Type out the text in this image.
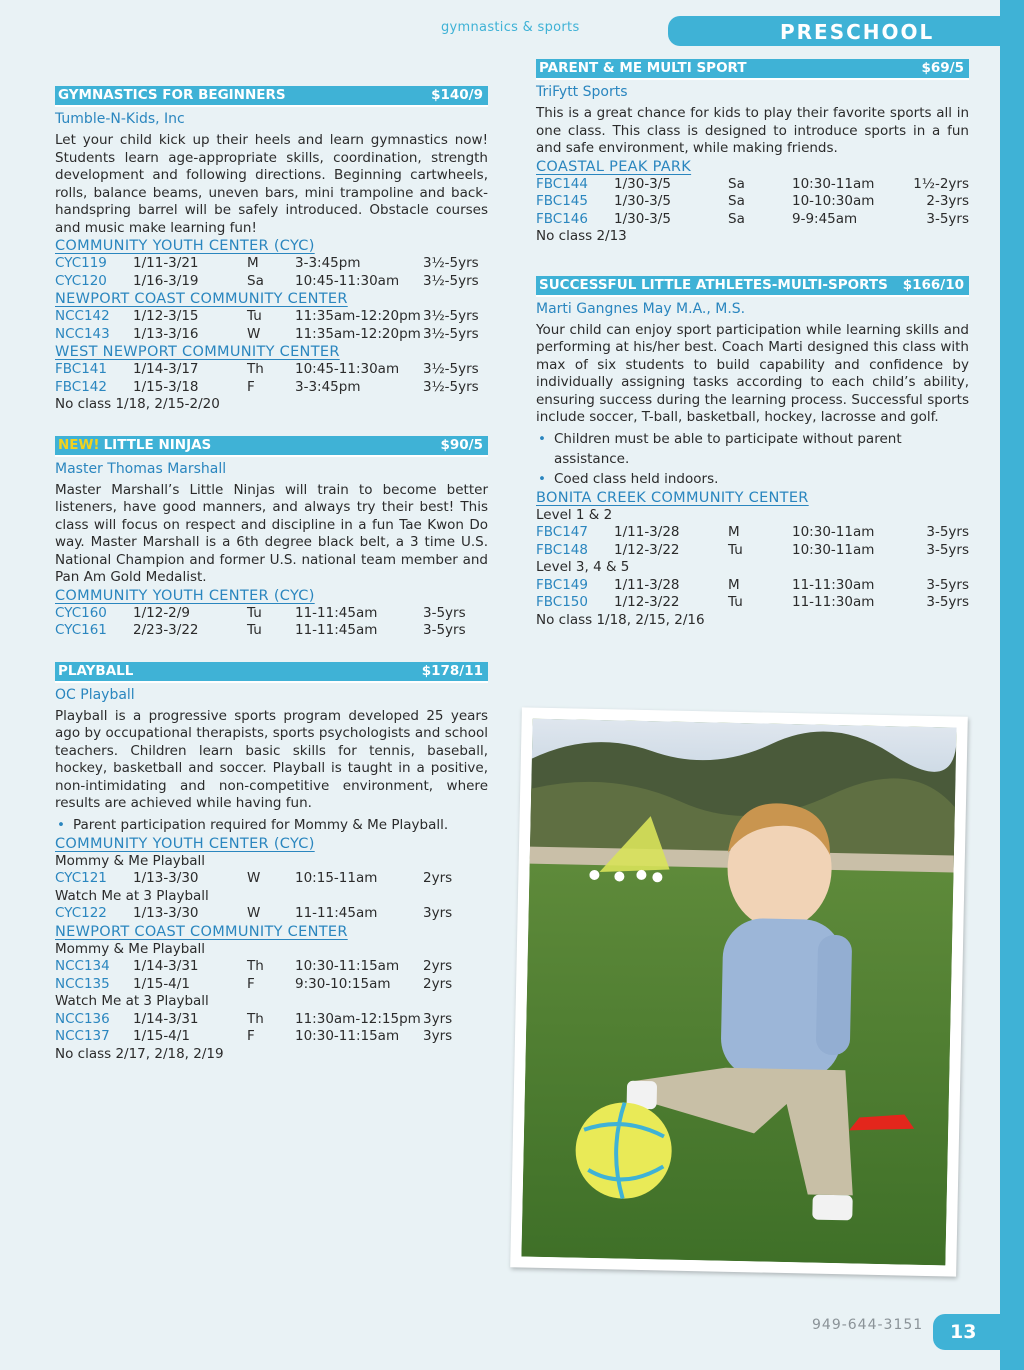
gymnastics & sports	PRESCHOOL
GYMNASTICS FOR BEGINNERS	$140/9
Tumble-N-Kids, Inc

Let your child kick up their heels and learn gymnastics now! Students learn age-appropriate skills, coordination, strength development and following directions. Beginning cartwheels, rolls, balance beams, uneven bars, mini trampoline and back-handspring barrel will be safely introduced. Obstacle courses and music make learning fun!

COMMUNITY YOUTH CENTER (CYC)
CYC119	1/11-3/21	M	3-3:45pm	3½-5yrs
CYC120	1/16-3/19	Sa	10:45-11:30am	3½-5yrs
NEWPORT COAST COMMUNITY CENTER
NCC142	1/12-3/15	Tu	11:35am-12:20pm 3½-5yrs
NCC143	1/13-3/16	W	11:35am-12:20pm 3½-5yrs
WEST NEWPORT COMMUNITY CENTER
FBC141	1/14-3/17	Th	10:45-11:30am	3½-5yrs
FBC142	1/15-3/18	F	3-3:45pm	3½-5yrs
No class 1/18, 2/15-2/20
NEW! LITTLE NINJAS	$90/5
Master Thomas Marshall

Master Marshall’s Little Ninjas will train to become better listeners, have good manners, and always try their best! This class will focus on respect and discipline in a fun Tae Kwon Do way. Master Marshall is a 6th degree black belt, a 3 time U.S. National Champion and former U.S. national team member and Pan Am Gold Medalist.

COMMUNITY YOUTH CENTER (CYC)
CYC160	1/12-2/9	Tu	11-11:45am	3-5yrs
CYC161	2/23-3/22	Tu	11-11:45am	3-5yrs
PLAYBALL	$178/11
OC Playball

Playball is a progressive sports program developed 25 years ago by occupational therapists, sports psychologists and school teachers. Children learn basic skills for tennis, baseball, hockey, basketball and soccer. Playball is taught in a positive, non-intimidating and non-competitive environment, where results are achieved while having fun.

• Parent participation required for Mommy & Me Playball.
COMMUNITY YOUTH CENTER (CYC)
Mommy & Me Playball
CYC121	1/13-3/30	W	10:15-11am	2yrs
Watch Me at 3 Playball
CYC122	1/13-3/30	W	11-11:45am	3yrs
NEWPORT COAST COMMUNITY CENTER
Mommy & Me Playball
NCC134	1/14-3/31	Th	10:30-11:15am	2yrs
NCC135	1/15-4/1	F	9:30-10:15am	2yrs
Watch Me at 3 Playball
NCC136	1/14-3/31	Th	11:30am-12:15pm 3yrs
NCC137	1/15-4/1	F	10:30-11:15am	3yrs
No class 2/17, 2/18, 2/19
PARENT & ME MULTI SPORT	$69/5
TriFytt Sports

This is a great chance for kids to play their favorite sports all in one class. This class is designed to introduce sports in a fun and safe environment, while making friends.

COASTAL PEAK PARK
FBC144	1/30-3/5	Sa	10:30-11am	1½-2yrs
FBC145	1/30-3/5	Sa	10-10:30am	2-3yrs
FBC146	1/30-3/5	Sa	9-9:45am	3-5yrs
No class 2/13
SUCCESSFUL LITTLE ATHLETES-MULTI-SPORTS $166/10
Marti Gangnes May M.A., M.S.

Your child can enjoy sport participation while learning skills and performing at his/her best. Coach Marti designed this class with max of six students to build capability and confidence by individually assigning tasks according to each child’s ability, ensuring success during the learning process. Successful sports include soccer, T-ball, basketball, hockey, lacrosse and golf.

• Children must be able to participate without parent assistance.
• Coed class held indoors.
BONITA CREEK COMMUNITY CENTER
Level 1 & 2
FBC147	1/11-3/28	M	10:30-11am	3-5yrs
FBC148	1/12-3/22	Tu	10:30-11am	3-5yrs
Level 3, 4 & 5
FBC149	1/11-3/28	M	11-11:30am	3-5yrs
FBC150	1/12-3/22	Tu	11-11:30am	3-5yrs
No class 1/18, 2/15, 2/16
949-644-3151	13
